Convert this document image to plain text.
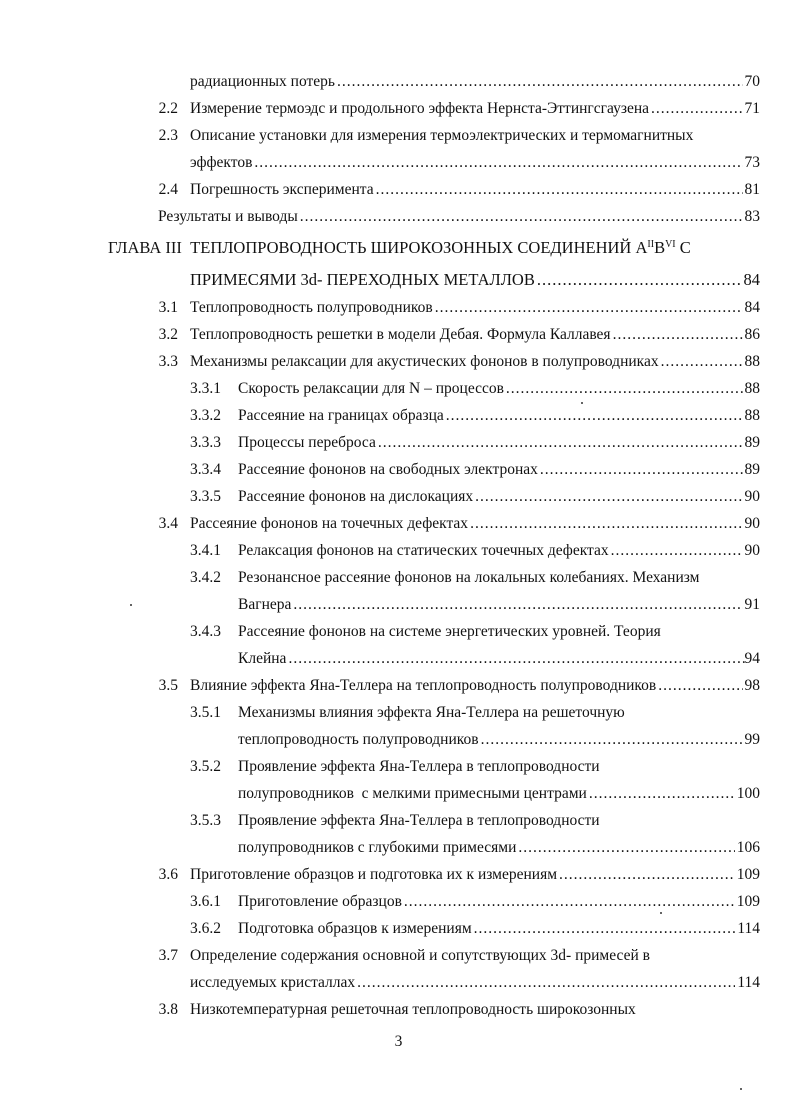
радиационных потерь .....	70
2.2 Измерение термоэдс и продольного эффекта Нернста-Эттингсгаузена .....	71
2.3 Описание установки для измерения термоэлектрических и термомагнитных
эффектов .....	73
2.4 Погрешность эксперимента .....	81
Результаты и выводы .....	83
ГЛАВА III ТЕПЛОПРОВОДНОСТЬ ШИРОКОЗОННЫХ СОЕДИНЕНИЙ $A^{II}B^{VI}$ С
ПРИМЕСЯМИ 3d- ПЕРЕХОДНЫХ МЕТАЛЛОВ .....	84
3.1 Теплопроводность полупроводников .....	84
3.2 Теплопроводность решетки в модели Дебая. Формула Каллавея .....	86
3.3 Механизмы релаксации для акустических фононов в полупроводниках .....	88
3.3.1 Скорость релаксации для N – процессов .....	88
3.3.2 Рассеяние на границах образца .....	88
3.3.3 Процессы переброса .....	89
3.3.4 Рассеяние фононов на свободных электронах .....	89
3.3.5 Рассеяние фононов на дислокациях .....	90
3.4 Рассеяние фононов на точечных дефектах .....	90
3.4.1 Релаксация фононов на статических точечных дефектах .....	90
3.4.2 Резонансное рассеяние фононов на локальных колебаниях. Механизм
Вагнера .....	91
3.4.3 Рассеяние фононов на системе энергетических уровней. Теория
Клейна .....	94
3.5 Влияние эффекта Яна-Теллера на теплопроводность полупроводников .....	98
3.5.1 Механизмы влияния эффекта Яна-Теллера на решеточную
теплопроводность полупроводников .....	99
3.5.2 Проявление эффекта Яна-Теллера в теплопроводности
полупроводников  с мелкими примесными центрами .....	100
3.5.3 Проявление эффекта Яна-Теллера в теплопроводности
полупроводников с глубокими примесями .....	106
3.6 Приготовление образцов и подготовка их к измерениям .....	109
3.6.1 Приготовление образцов .....	109
3.6.2 Подготовка образцов к измерениям .....	114
3.7 Определение содержания основной и сопутствующих 3d- примесей в
исследуемых кристаллах .....	114
3.8 Низкотемпературная решеточная теплопроводность широкозонных
3
